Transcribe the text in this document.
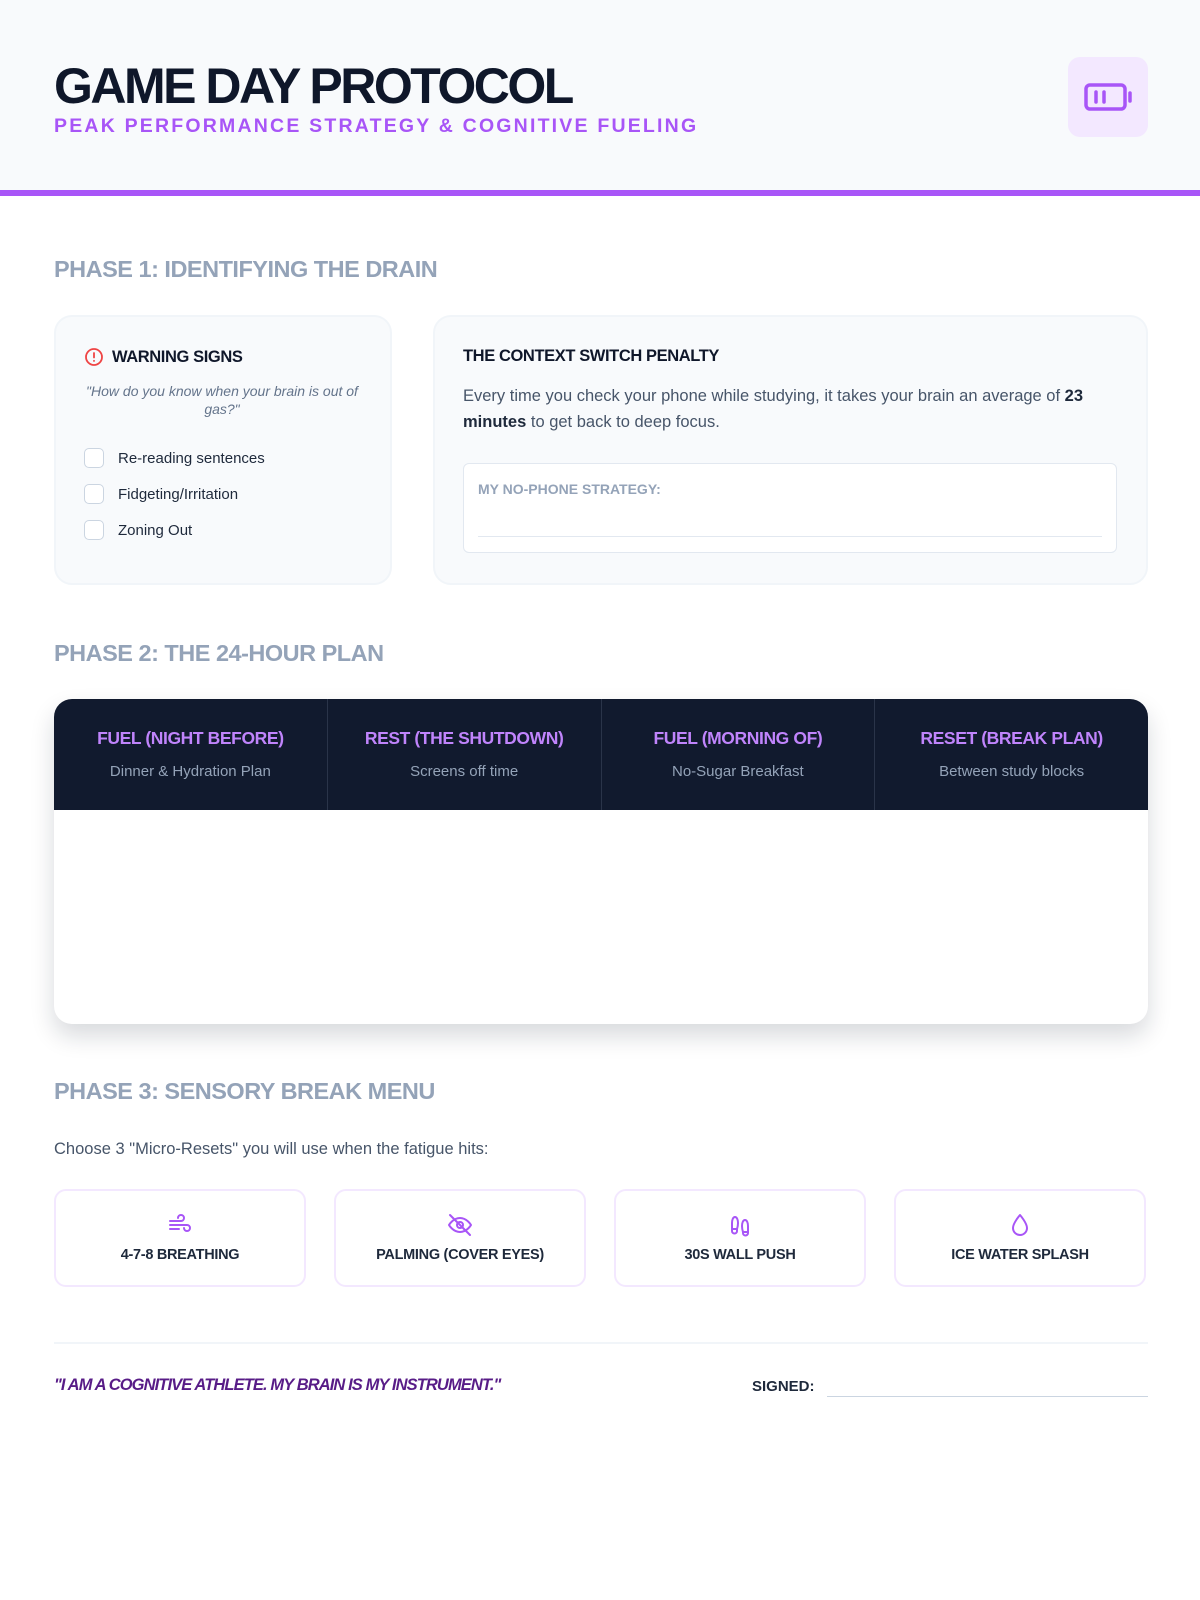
GAME DAY PROTOCOL
PEAK PERFORMANCE STRATEGY & COGNITIVE FUELING
PHASE 1: IDENTIFYING THE DRAIN
WARNING SIGNS
"How do you know when your brain is out of gas?"
Re-reading sentences
Fidgeting/Irritation
Zoning Out
THE CONTEXT SWITCH PENALTY
Every time you check your phone while studying, it takes your brain an average of 23 minutes to get back to deep focus.
MY NO-PHONE STRATEGY:
PHASE 2: THE 24-HOUR PLAN
FUEL (NIGHT BEFORE)
Dinner & Hydration Plan
REST (THE SHUTDOWN)
Screens off time
FUEL (MORNING OF)
No-Sugar Breakfast
RESET (BREAK PLAN)
Between study blocks
PHASE 3: SENSORY BREAK MENU
Choose 3 "Micro-Resets" you will use when the fatigue hits:
4-7-8 BREATHING	PALMING (COVER EYES)	30S WALL PUSH	ICE WATER SPLASH
"I AM A COGNITIVE ATHLETE. MY BRAIN IS MY INSTRUMENT."	SIGNED:
